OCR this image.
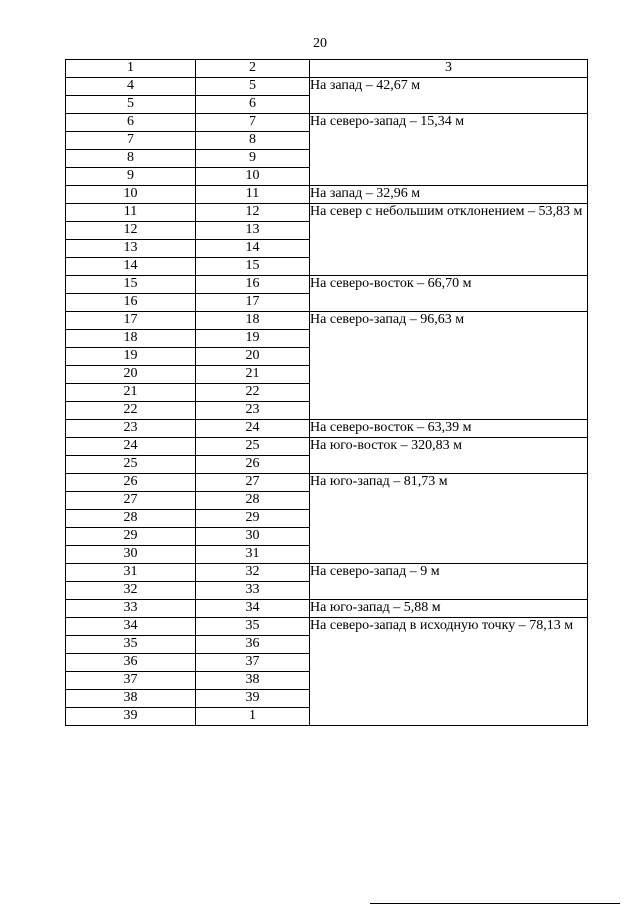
20
1	2	3
4	5	На запад – 42,67 м
5	6	
6	7	На северо-запад – 15,34 м
7	8	
8	9	
9	10	
10	11	На запад – 32,96 м
11	12	На север с небольшим отклонением – 53,83 м
12	13	
13	14	
14	15	
15	16	На северо-восток – 66,70 м
16	17	
17	18	На северо-запад – 96,63 м
18	19	
19	20	
20	21	
21	22	
22	23	
23	24	На северо-восток – 63,39 м
24	25	На юго-восток – 320,83 м
25	26	
26	27	На юго-запад – 81,73 м
27	28	
28	29	
29	30	
30	31	
31	32	На северо-запад – 9 м
32	33	
33	34	На юго-запад – 5,88 м
34	35	На северо-запад в исходную точку – 78,13 м
35	36	
36	37	
37	38	
38	39	
39	1	
